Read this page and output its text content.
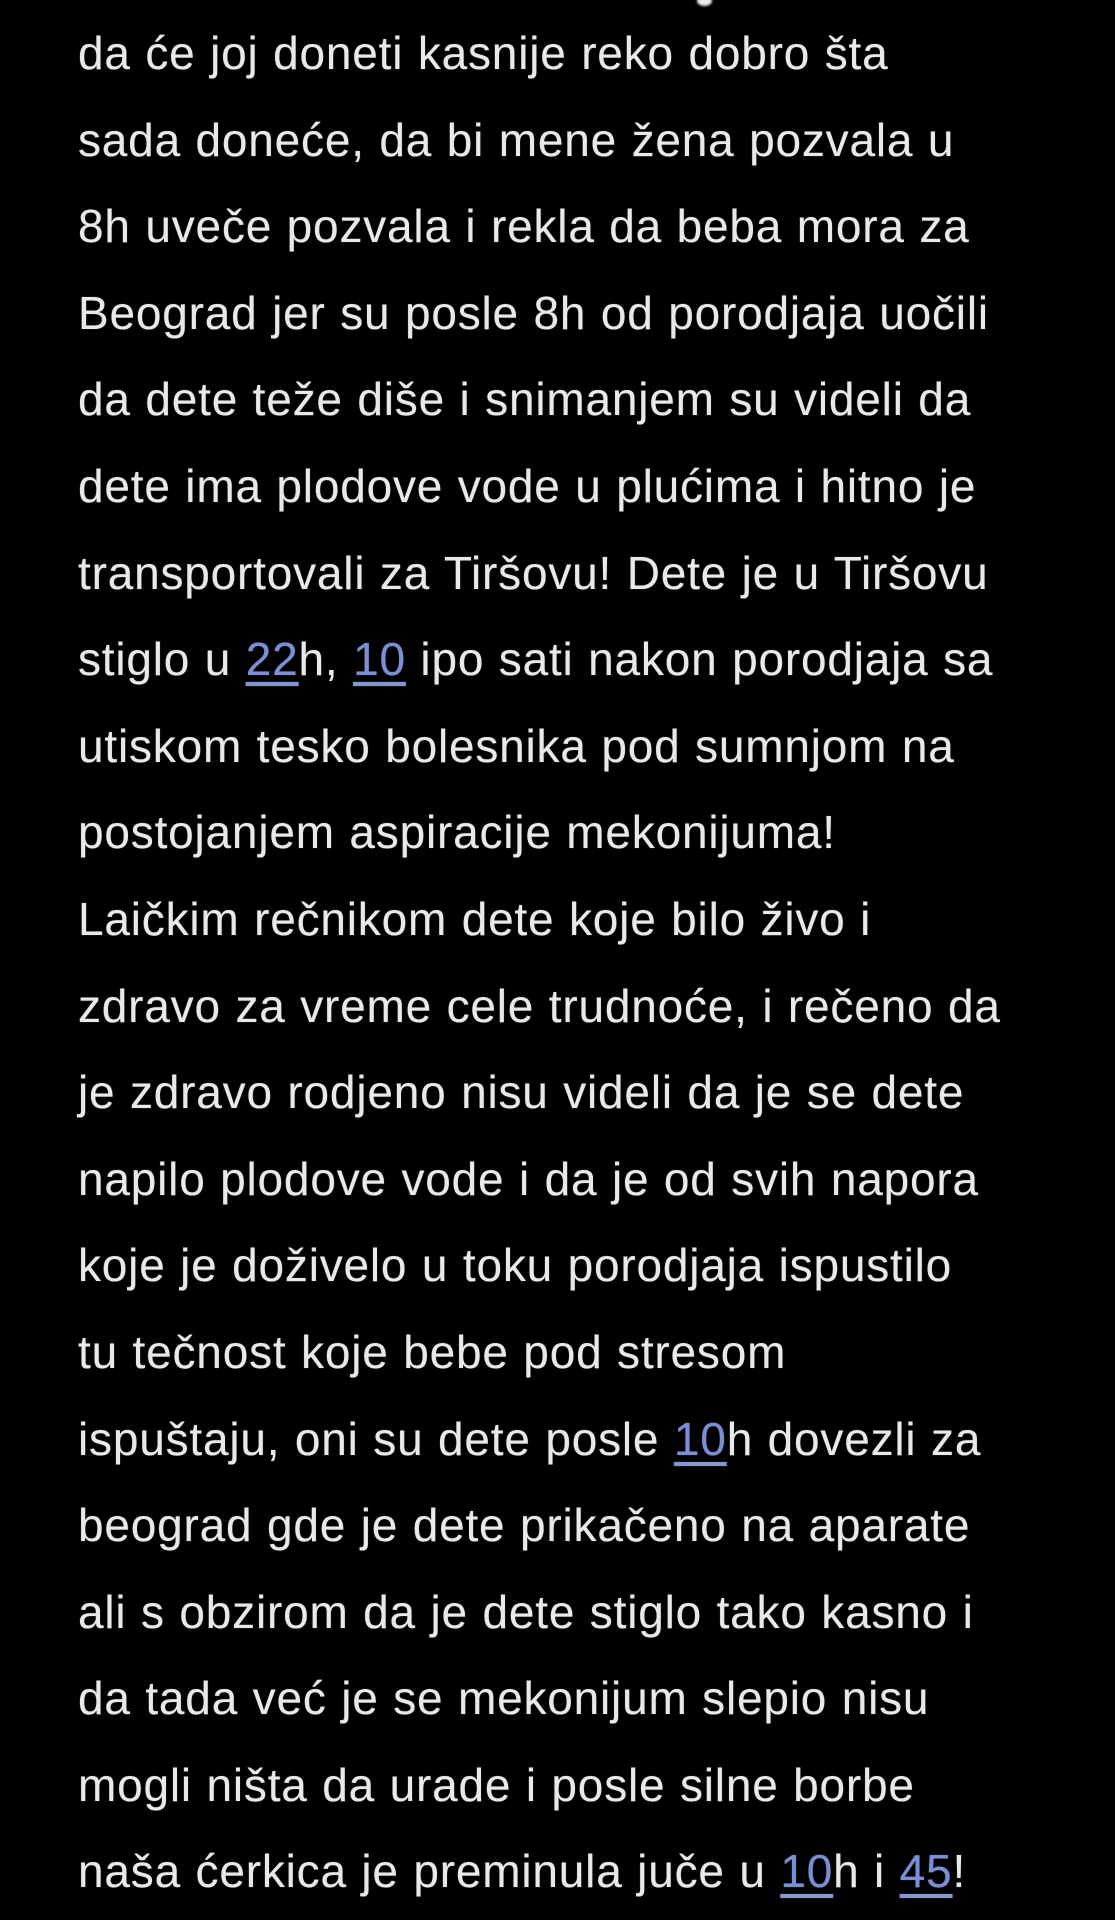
da će joj doneti kasnije reko dobro šta
sada doneće, da bi mene žena pozvala u
8h uveče pozvala i rekla da beba mora za
Beograd jer su posle 8h od porodjaja uočili
da dete teže diše i snimanjem su videli da
dete ima plodove vode u plućima i hitno je
transportovali za Tiršovu! Dete je u Tiršovu
stiglo u 22h, 10 ipo sati nakon porodjaja sa
utiskom tesko bolesnika pod sumnjom na
postojanjem aspiracije mekonijuma!
Laičkim rečnikom dete koje bilo živo i
zdravo za vreme cele trudnoće, i rečeno da
je zdravo rodjeno nisu videli da je se dete
napilo plodove vode i da je od svih napora
koje je doživelo u toku porodjaja ispustilo
tu tečnost koje bebe pod stresom
ispuštaju, oni su dete posle 10h dovezli za
beograd gde je dete prikačeno na aparate
ali s obzirom da je dete stiglo tako kasno i
da tada već je se mekonijum slepio nisu
mogli ništa da urade i posle silne borbe
naša ćerkica je preminula juče u 10h i 45!
